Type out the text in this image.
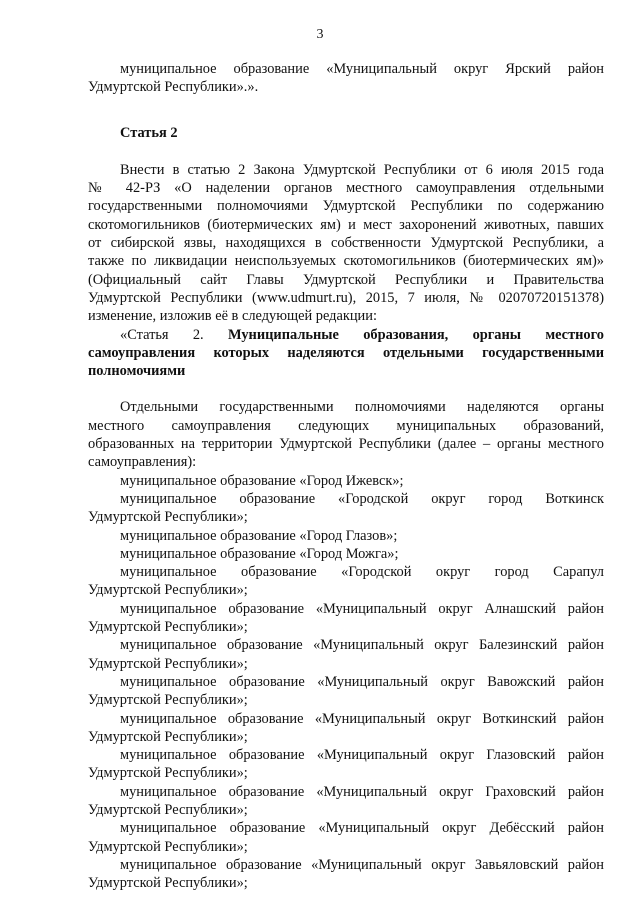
3

муниципальное образование «Муниципальный округ Ярский район

Удмуртской Республики».».

Статья 2

Внести в статью 2 Закона Удмуртской Республики от 6 июля 2015 года

№ 42-РЗ «О наделении органов местного самоуправления отдельными

государственными полномочиями Удмуртской Республики по содержанию

скотомогильников (биотермических ям) и мест захоронений животных, павших

от сибирской язвы, находящихся в собственности Удмуртской Республики, а

также по ликвидации неиспользуемых скотомогильников (биотермических ям)»

(Официальный сайт Главы Удмуртской Республики и Правительства

Удмуртской Республики (www.udmurt.ru), 2015, 7 июля, № 02070720151378)

изменение, изложив её в следующей редакции:

«Статья 2. Муниципальные образования, органы местного

самоуправления которых наделяются отдельными государственными

полномочиями

Отдельными государственными полномочиями наделяются органы

местного самоуправления следующих муниципальных образований,

образованных на территории Удмуртской Республики (далее – органы местного

самоуправления):

муниципальное образование «Город Ижевск»;

муниципальное образование «Городской округ город Воткинск

Удмуртской Республики»;

муниципальное образование «Город Глазов»;

муниципальное образование «Город Можга»;

муниципальное образование «Городской округ город Сарапул

Удмуртской Республики»;

муниципальное образование «Муниципальный округ Алнашский район

Удмуртской Республики»;

муниципальное образование «Муниципальный округ Балезинский район

Удмуртской Республики»;

муниципальное образование «Муниципальный округ Вавожский район

Удмуртской Республики»;

муниципальное образование «Муниципальный округ Воткинский район

Удмуртской Республики»;

муниципальное образование «Муниципальный округ Глазовский район

Удмуртской Республики»;

муниципальное образование «Муниципальный округ Граховский район

Удмуртской Республики»;

муниципальное образование «Муниципальный округ Дебёсский район

Удмуртской Республики»;

муниципальное образование «Муниципальный округ Завьяловский район

Удмуртской Республики»;
